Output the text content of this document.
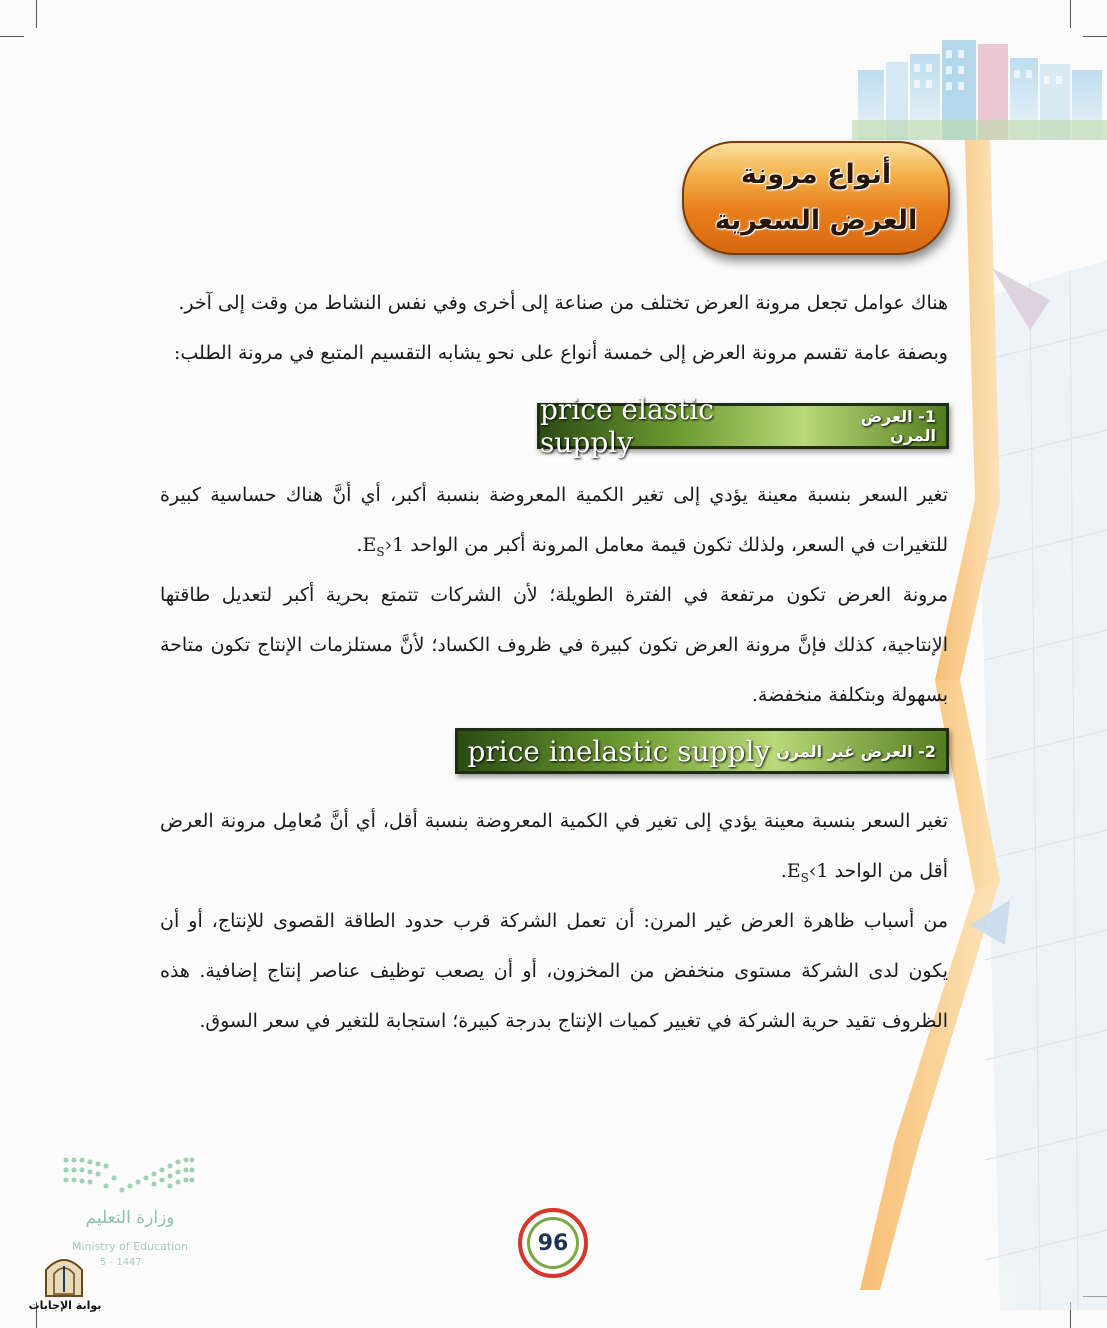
أنواع مرونة
العرض السعرية
هناك عوامل تجعل مرونة العرض تختلف من صناعة إلى أخرى وفي نفس النشاط من وقت إلى آخر.
وبصفة عامة تقسم مرونة العرض إلى خمسة أنواع على نحو يشابه التقسيم المتبع في مرونة الطلب:
price elastic supply
1- العرض المرن
تغير السعر بنسبة معينة يؤدي إلى تغير الكمية المعروضة بنسبة أكبر، أي أنَّ هناك حساسية كبيرة للتغيرات في السعر، ولذلك تكون قيمة معامل المرونة أكبر من الواحد $E_S›1$.
مرونة العرض تكون مرتفعة في الفترة الطويلة؛ لأن الشركات تتمتع بحرية أكبر لتعديل طاقتها الإنتاجية، كذلك فإنَّ مرونة العرض تكون كبيرة في ظروف الكساد؛ لأنَّ مستلزمات الإنتاج تكون متاحة بسهولة وبتكلفة منخفضة.
price inelastic supply 2- العرض غير المرن
تغير السعر بنسبة معينة يؤدي إلى تغير في الكمية المعروضة بنسبة أقل، أي أنَّ مُعامِل مرونة العرض أقل من الواحد $E_S‹1$.
من أسباب ظاهرة العرض غير المرن: أن تعمل الشركة قرب حدود الطاقة القصوى للإنتاج، أو أن يكون لدى الشركة مستوى منخفض من المخزون، أو أن يصعب توظيف عناصر إنتاج إضافية. هذه الظروف تقيد حرية الشركة في تغيير كميات الإنتاج بدرجة كبيرة؛ استجابة للتغير في سعر السوق.
وزارة التعليم
Ministry of Education
5 - 1447
96
بوابة الإجابات
